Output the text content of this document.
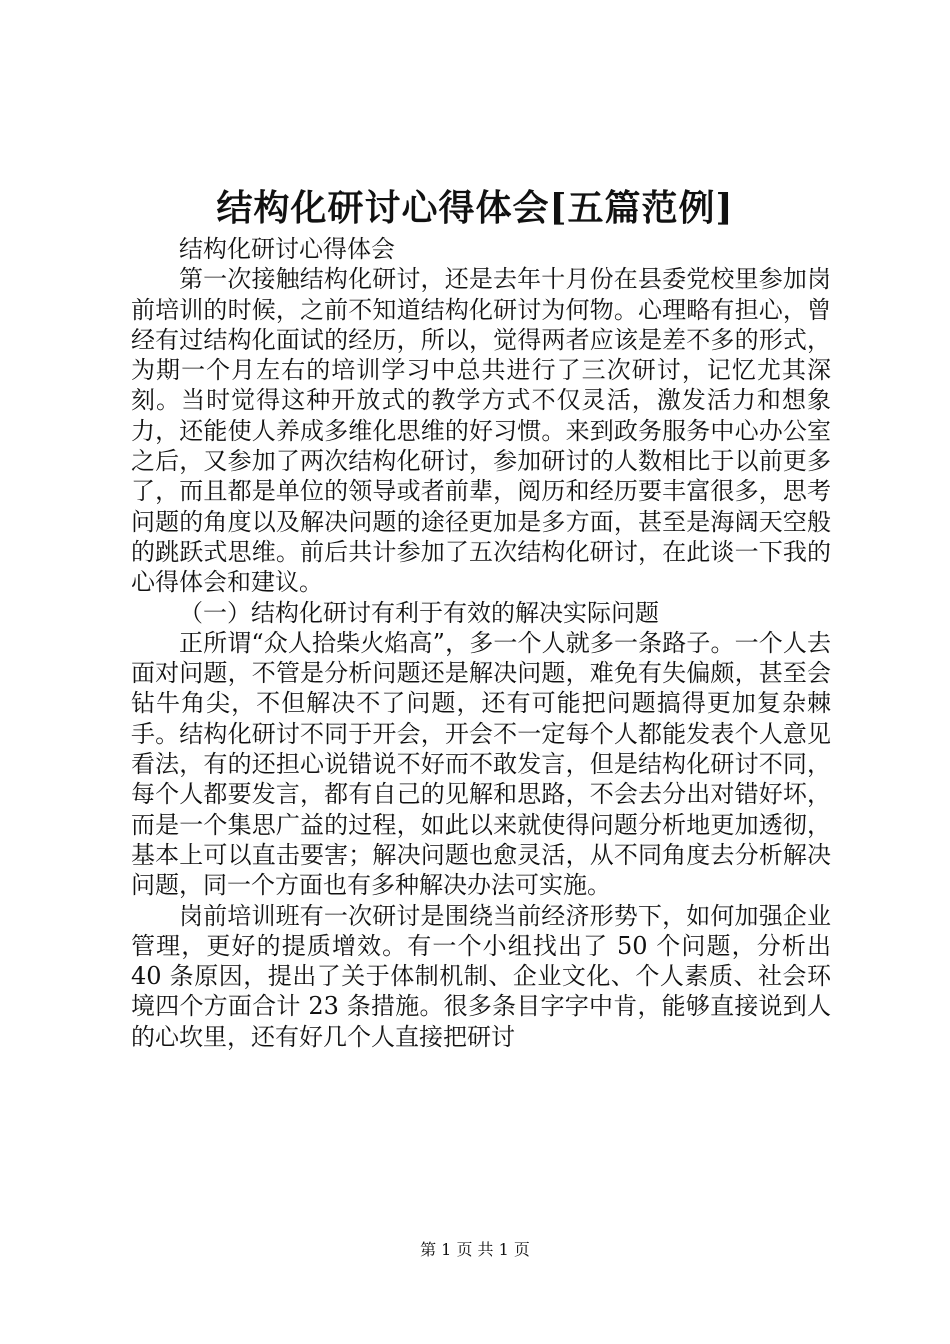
结构化研讨心得体会[五篇范例]

结构化研讨心得体会

第一次接触结构化研讨，还是去年十月份在县委党校里参加岗前培训的时候，之前不知道结构化研讨为何物。心理略有担心，曾经有过结构化面试的经历，所以，觉得两者应该是差不多的形式，为期一个月左右的培训学习中总共进行了三次研讨，记忆尤其深刻。当时觉得这种开放式的教学方式不仅灵活，激发活力和想象力，还能使人养成多维化思维的好习惯。来到政务服务中心办公室之后，又参加了两次结构化研讨，参加研讨的人数相比于以前更多了，而且都是单位的领导或者前辈，阅历和经历要丰富很多，思考问题的角度以及解决问题的途径更加是多方面，甚至是海阔天空般的跳跃式思维。前后共计参加了五次结构化研讨，在此谈一下我的心得体会和建议。

（一）结构化研讨有利于有效的解决实际问题

正所谓“众人拾柴火焰高”，多一个人就多一条路子。一个人去面对问题，不管是分析问题还是解决问题，难免有失偏颇，甚至会钻牛角尖，不但解决不了问题，还有可能把问题搞得更加复杂棘手。结构化研讨不同于开会，开会不一定每个人都能发表个人意见看法，有的还担心说错说不好而不敢发言，但是结构化研讨不同，每个人都要发言，都有自己的见解和思路，不会去分出对错好坏，而是一个集思广益的过程，如此以来就使得问题分析地更加透彻，基本上可以直击要害；解决问题也愈灵活，从不同角度去分析解决问题，同一个方面也有多种解决办法可实施。

岗前培训班有一次研讨是围绕当前经济形势下，如何加强企业管理，更好的提质增效。有一个小组找出了 50 个问题，分析出 40 条原因，提出了关于体制机制、企业文化、个人素质、社会环境四个方面合计 23 条措施。很多条目字字中肯，能够直接说到人的心坎里，还有好几个人直接把研讨

第 1 页 共 1 页
